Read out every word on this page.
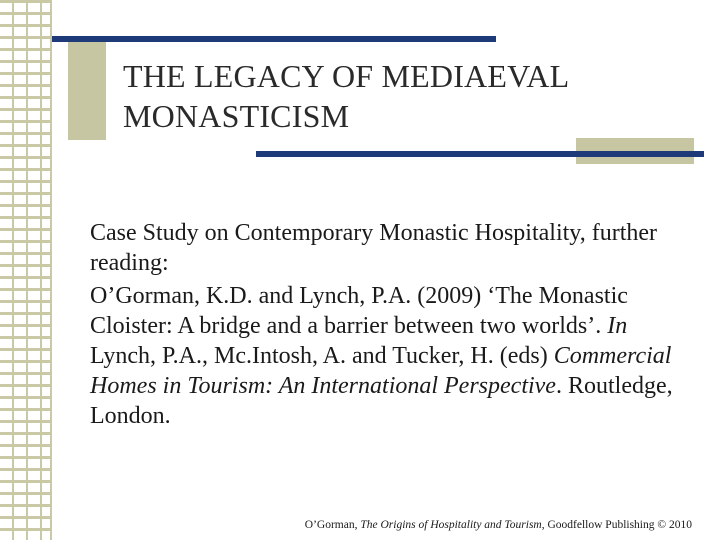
THE LEGACY OF MEDIAEVAL
MONASTICISM

Case Study on Contemporary Monastic Hospitality, further reading:

O’Gorman, K.D. and Lynch, P.A. (2009) ‘The Monastic Cloister: A bridge and a barrier between two worlds’. In Lynch, P.A., Mc.Intosh, A. and Tucker, H. (eds) Commercial Homes in Tourism: An International Perspective. Routledge, London.

O’Gorman, The Origins of Hospitality and Tourism, Goodfellow Publishing © 2010
